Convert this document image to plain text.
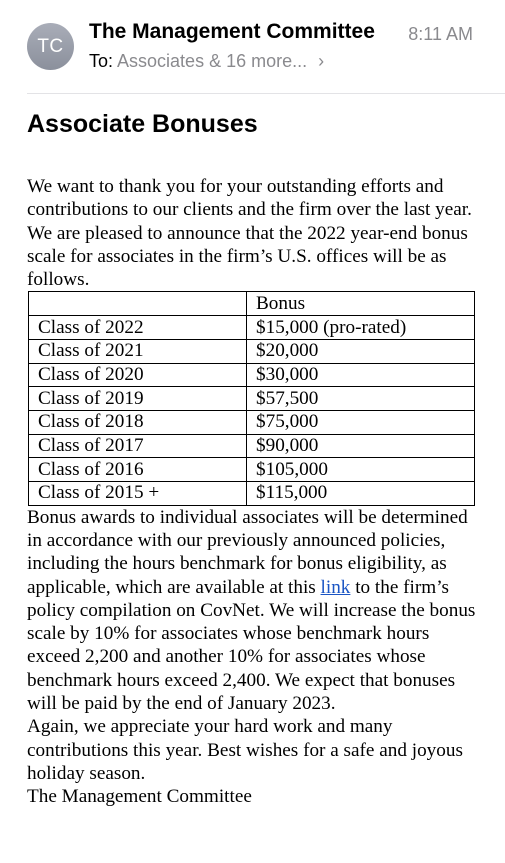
TC
The Management Committee 8:11 AM
To: Associates & 16 more... ›
Associate Bonuses

We want to thank you for your outstanding efforts and contributions to our clients and the firm over the last year.

We are pleased to announce that the 2022 year-end bonus scale for associates in the firm’s U.S. offices will be as follows.

	Bonus
Class of 2022	$15,000 (pro-rated)
Class of 2021	$20,000
Class of 2020	$30,000
Class of 2019	$57,500
Class of 2018	$75,000
Class of 2017	$90,000
Class of 2016	$105,000
Class of 2015 +	$115,000

Bonus awards to individual associates will be determined in accordance with our previously announced policies, including the hours benchmark for bonus eligibility, as applicable, which are available at this link to the firm’s policy compilation on CovNet. We will increase the bonus scale by 10% for associates whose benchmark hours exceed 2,200 and another 10% for associates whose benchmark hours exceed 2,400. We expect that bonuses will be paid by the end of January 2023.

Again, we appreciate your hard work and many contributions this year. Best wishes for a safe and joyous holiday season.

The Management Committee
